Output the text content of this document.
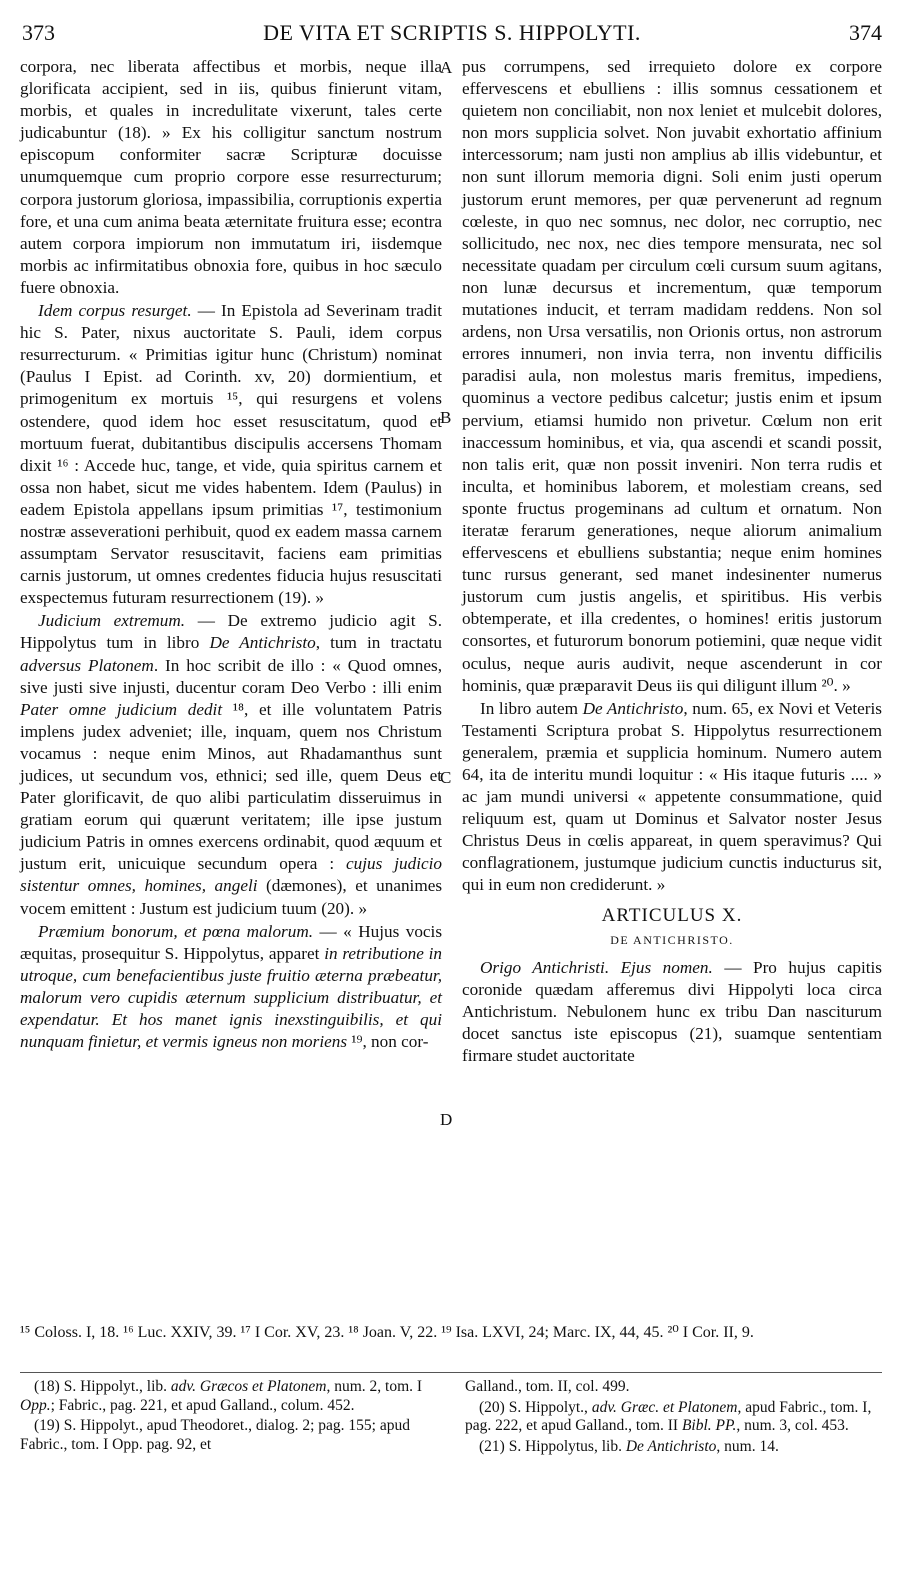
373	DE VITA ET SCRIPTIS S. HIPPOLYTI.	374
A
B
C
D

corpora, nec liberata affectibus et morbis, neque illa glorificata accipient, sed in iis, quibus finierunt vitam, morbis, et quales in incredulitate vixerunt, tales certe judicabuntur (18). » Ex his colligitur sanctum nostrum episcopum conformiter sacræ Scripturæ docuisse unumquemque cum proprio corpore esse resurrecturum; corpora justorum gloriosa, impassibilia, corruptionis expertia fore, et una cum anima beata æternitate fruitura esse; econtra autem corpora impiorum non immutatum iri, iisdemque morbis ac infirmitatibus obnoxia fore, quibus in hoc sæculo fuere obnoxia.

Idem corpus resurget. — In Epistola ad Severinam tradit hic S. Pater, nixus auctoritate S. Pauli, idem corpus resurrecturum. « Primitias igitur hunc (Christum) nominat (Paulus I Epist. ad Corinth. xv, 20) dormientium, et primogenitum ex mortuis ¹⁵, qui resurgens et volens ostendere, quod idem hoc esset resuscitatum, quod et mortuum fuerat, dubitantibus discipulis accersens Thomam dixit ¹⁶ : Accede huc, tange, et vide, quia spiritus carnem et ossa non habet, sicut me vides habentem. Idem (Paulus) in eadem Epistola appellans ipsum primitias ¹⁷, testimonium nostræ asseverationi perhibuit, quod ex eadem massa carnem assumptam Servator resuscitavit, faciens eam primitias carnis justorum, ut omnes credentes fiducia hujus resuscitati exspectemus futuram resurrectionem (19). »

Judicium extremum. — De extremo judicio agit S. Hippolytus tum in libro De Antichristo, tum in tractatu adversus Platonem. In hoc scribit de illo : « Quod omnes, sive justi sive injusti, ducentur coram Deo Verbo : illi enim Pater omne judicium dedit ¹⁸, et ille voluntatem Patris implens judex adveniet; ille, inquam, quem nos Christum vocamus : neque enim Minos, aut Rhadamanthus sunt judices, ut secundum vos, ethnici; sed ille, quem Deus et Pater glorificavit, de quo alibi particulatim disseruimus in gratiam eorum qui quærunt veritatem; ille ipse justum judicium Patris in omnes exercens ordinabit, quod æquum et justum erit, unicuique secundum opera : cujus judicio sistentur omnes, homines, angeli (dæmones), et unanimes vocem emittent : Justum est judicium tuum (20). »

Præmium bonorum, et pœna malorum. — « Hujus vocis æquitas, prosequitur S. Hippolytus, apparet in retributione in utroque, cum benefacientibus juste fruitio æterna præbeatur, malorum vero cupidis æternum supplicium distribuatur, et expendatur. Et hos manet ignis inexstinguibilis, et qui nunquam finietur, et vermis igneus non moriens ¹⁹, non cor-

pus corrumpens, sed irrequieto dolore ex corpore effervescens et ebulliens : illis somnus cessationem et quietem non conciliabit, non nox leniet et mulcebit dolores, non mors supplicia solvet. Non juvabit exhortatio affinium intercessorum; nam justi non amplius ab illis videbuntur, et non sunt illorum memoria digni. Soli enim justi operum justorum erunt memores, per quæ pervenerunt ad regnum cœleste, in quo nec somnus, nec dolor, nec corruptio, nec sollicitudo, nec nox, nec dies tempore mensurata, nec sol necessitate quadam per circulum cœli cursum suum agitans, non lunæ decursus et incrementum, quæ temporum mutationes inducit, et terram madidam reddens. Non sol ardens, non Ursa versatilis, non Orionis ortus, non astrorum errores innumeri, non invia terra, non inventu difficilis paradisi aula, non molestus maris fremitus, impediens, quominus a vectore pedibus calcetur; justis enim et ipsum pervium, etiamsi humido non privetur. Cœlum non erit inaccessum hominibus, et via, qua ascendi et scandi possit, non talis erit, quæ non possit inveniri. Non terra rudis et inculta, et hominibus laborem, et molestiam creans, sed sponte fructus progeminans ad cultum et ornatum. Non iteratæ ferarum generationes, neque aliorum animalium effervescens et ebulliens substantia; neque enim homines tunc rursus generant, sed manet indesinenter numerus justorum cum justis angelis, et spiritibus. His verbis obtemperate, et illa credentes, o homines! eritis justorum consortes, et futurorum bonorum potiemini, quæ neque vidit oculus, neque auris audivit, neque ascenderunt in cor hominis, quæ præparavit Deus iis qui diligunt illum ²⁰. »

In libro autem De Antichristo, num. 65, ex Novi et Veteris Testamenti Scriptura probat S. Hippolytus resurrectionem generalem, præmia et supplicia hominum. Numero autem 64, ita de interitu mundi loquitur : « His itaque futuris .... » ac jam mundi universi « appetente consummatione, quid reliquum est, quam ut Dominus et Salvator noster Jesus Christus Deus in cœlis appareat, in quem speravimus? Qui conflagrationem, justumque judicium cunctis inducturus sit, qui in eum non crediderunt. »

ARTICULUS X.
DE ANTICHRISTO.

Origo Antichristi. Ejus nomen. — Pro hujus capitis coronide quædam afferemus divi Hippolyti loca circa Antichristum. Nebulonem hunc ex tribu Dan nasciturum docet sanctus iste episcopus (21), suamque sententiam firmare studet auctoritate

¹⁵ Coloss. I, 18. ¹⁶ Luc. XXIV, 39. ¹⁷ I Cor. XV, 23. ¹⁸ Joan. V, 22. ¹⁹ Isa. LXVI, 24; Marc. IX, 44, 45. ²⁰ I Cor. II, 9.

(18) S. Hippolyt., lib. adv. Græcos et Platonem, num. 2, tom. I Opp.; Fabric., pag. 221, et apud Galland., colum. 452.

(19) S. Hippolyt., apud Theodoret., dialog. 2; pag. 155; apud Fabric., tom. I Opp. pag. 92, et

Galland., tom. II, col. 499.

(20) S. Hippolyt., adv. Græc. et Platonem, apud Fabric., tom. I, pag. 222, et apud Galland., tom. II Bibl. PP., num. 3, col. 453.

(21) S. Hippolytus, lib. De Antichristo, num. 14.
